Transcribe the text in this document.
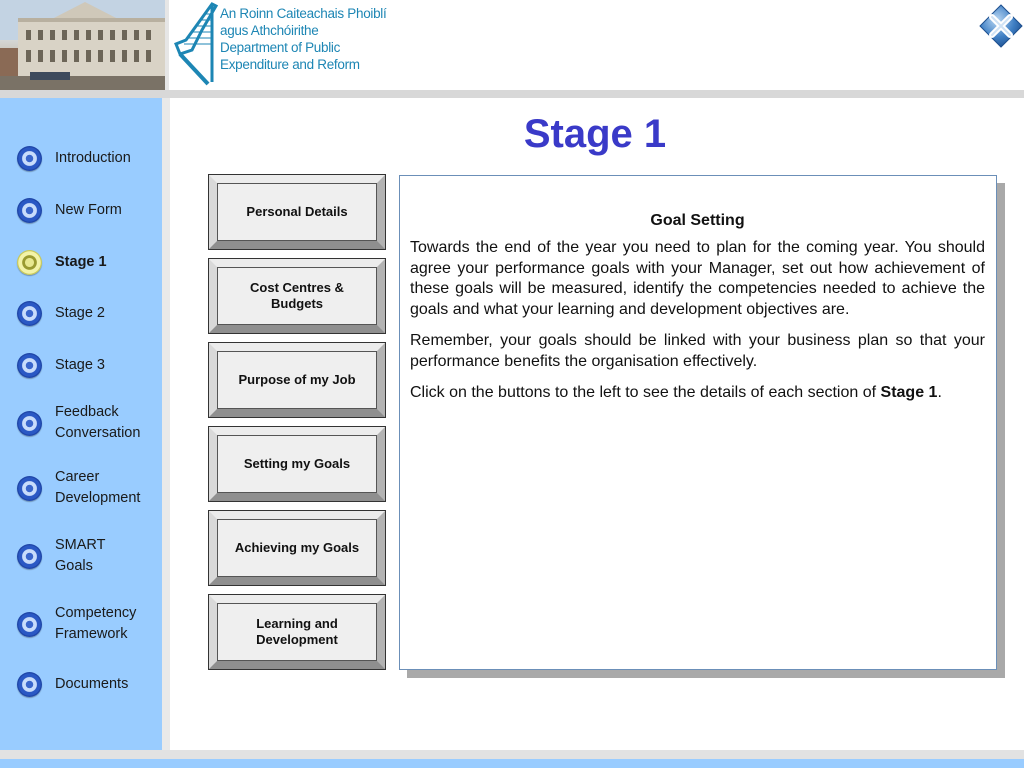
An Roinn Caiteachais Phoiblí
agus Athchóirithe
Department of Public
Expenditure and Reform
Introduction
New Form
Stage 1
Stage 2
Stage 3
Feedback Conversation
Career Development
SMART Goals
Competency Framework
Documents
Stage 1
Personal Details
Cost Centres & Budgets
Purpose of my Job
Setting my Goals
Achieving my Goals
Learning and Development
Goal Setting

Towards the end of the year you need to plan for the coming year. You should agree your performance goals with your Manager, set out how achievement of these goals will be measured, identify the competencies needed to achieve the goals and what your learning and development objectives are.

Remember, your goals should be linked with your business plan so that your performance benefits the organisation effectively.

Click on the buttons to the left to see the details of each section of Stage 1.
